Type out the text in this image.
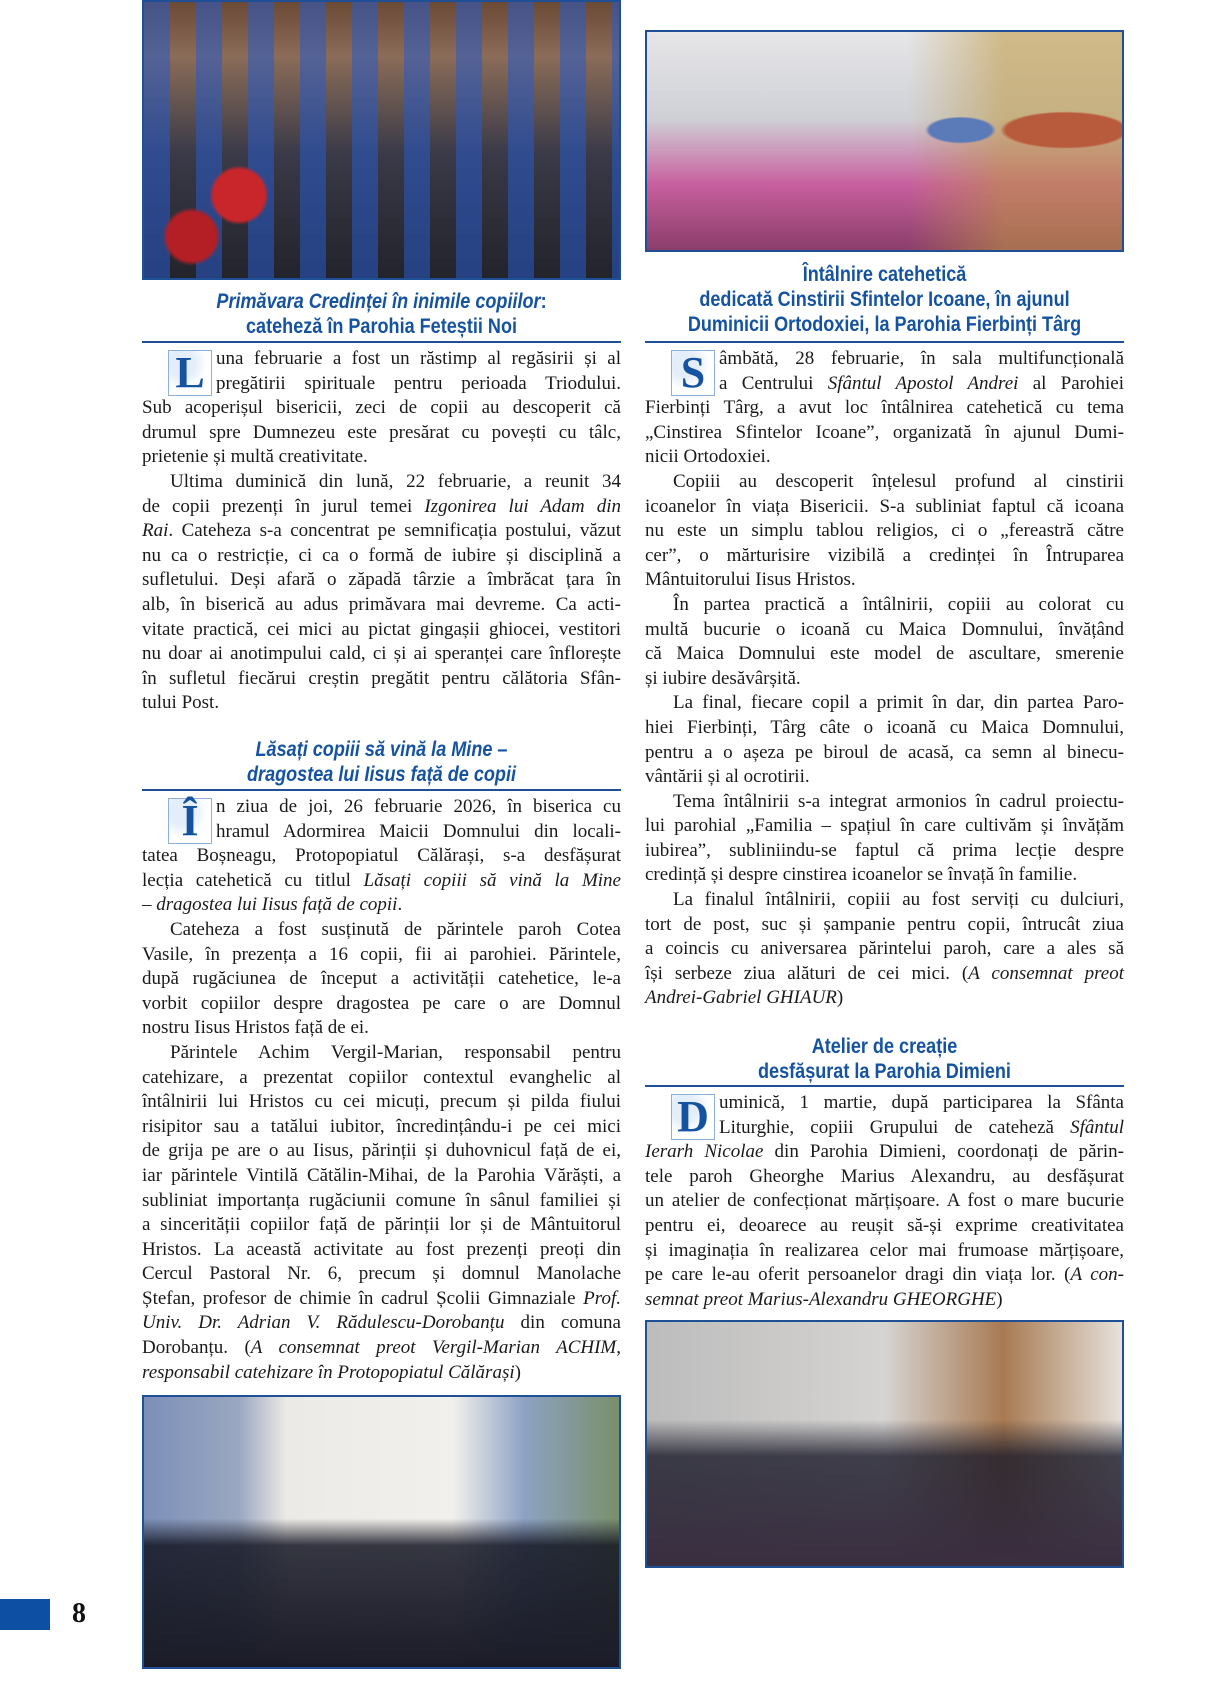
Primăvara Credinței în inimile copiilor:
cateheză în Parohia Feteștii Noi
L una februarie a fost un răstimp al regăsirii și al
pregătirii spirituale pentru perioada Triodului.
Sub acoperișul bisericii, zeci de copii au descoperit că
drumul spre Dumnezeu este presărat cu povești cu tâlc,
prietenie și multă creativitate.
Ultima duminică din lună, 22 februarie, a reunit 34
de copii prezenți în jurul temei Izgonirea lui Adam din
Rai. Cateheza s-a concentrat pe semnificația postului, văzut
nu ca o restricție, ci ca o formă de iubire și disciplină a
sufletului. Deși afară o zăpadă târzie a îmbrăcat țara în
alb, în biserică au adus primăvara mai devreme. Ca acti-
vitate practică, cei mici au pictat gingașii ghiocei, vestitori
nu doar ai anotimpului cald, ci și ai speranței care înflorește
în sufletul fiecărui creștin pregătit pentru călătoria Sfân-
tului Post.
Lăsați copiii să vină la Mine –
dragostea lui Iisus față de copii
Î n ziua de joi, 26 februarie 2026, în biserica cu
hramul Adormirea Maicii Domnului din locali-
tatea Boșneagu, Protopopiatul Călărași, s-a desfășurat
lecția catehetică cu titlul Lăsați copiii să vină la Mine
– dragostea lui Iisus față de copii.
Cateheza a fost susținută de părintele paroh Cotea
Vasile, în prezența a 16 copii, fii ai parohiei. Părintele,
după rugăciunea de început a activității catehetice, le-a
vorbit copiilor despre dragostea pe care o are Domnul
nostru Iisus Hristos față de ei.
Părintele Achim Vergil-Marian, responsabil pentru
catehizare, a prezentat copiilor contextul evanghelic al
întâlnirii lui Hristos cu cei micuți, precum și pilda fiului
risipitor sau a tatălui iubitor, încredințându-i pe cei mici
de grija pe are o au Iisus, părinții și duhovnicul față de ei,
iar părintele Vintilă Cătălin-Mihai, de la Parohia Vărăști, a
subliniat importanța rugăciunii comune în sânul familiei și
a sincerității copiilor față de părinții lor și de Mântuitorul
Hristos. La această activitate au fost prezenți preoți din
Cercul Pastoral Nr. 6, precum și domnul Manolache
Ștefan, profesor de chimie în cadrul Școlii Gimnaziale Prof.
Univ. Dr. Adrian V. Rădulescu-Dorobanțu din comuna
Dorobanțu. (A consemnat preot Vergil-Marian ACHIM,
responsabil catehizare în Protopopiatul Călărași)
Întâlnire catehetică
dedicată Cinstirii Sfintelor Icoane, în ajunul
Duminicii Ortodoxiei, la Parohia Fierbinți Târg
S âmbătă, 28 februarie, în sala multifuncțională
a Centrului Sfântul Apostol Andrei al Parohiei
Fierbinți Târg, a avut loc întâlnirea catehetică cu tema
„Cinstirea Sfintelor Icoane”, organizată în ajunul Dumi-
nicii Ortodoxiei.
Copiii au descoperit înțelesul profund al cinstirii
icoanelor în viața Bisericii. S-a subliniat faptul că icoana
nu este un simplu tablou religios, ci o „fereastră către
cer”, o mărturisire vizibilă a credinței în Întruparea
Mântuitorului Iisus Hristos.
În partea practică a întâlnirii, copiii au colorat cu
multă bucurie o icoană cu Maica Domnului, învățând
că Maica Domnului este model de ascultare, smerenie
și iubire desăvârșită.
La final, fiecare copil a primit în dar, din partea Paro-
hiei Fierbinți, Târg câte o icoană cu Maica Domnului,
pentru a o așeza pe biroul de acasă, ca semn al binecu-
vântării și al ocrotirii.
Tema întâlnirii s-a integrat armonios în cadrul proiectu-
lui parohial „Familia – spațiul în care cultivăm și învățăm
iubirea”, subliniindu-se faptul că prima lecție despre
credință și despre cinstirea icoanelor se învață în familie.
La finalul întâlnirii, copiii au fost serviți cu dulciuri,
tort de post, suc și șampanie pentru copii, întrucât ziua
a coincis cu aniversarea părintelui paroh, care a ales să
își serbeze ziua alături de cei mici. (A consemnat preot
Andrei-Gabriel GHIAUR)
Atelier de creație
desfășurat la Parohia Dimieni
D uminică, 1 martie, după participarea la Sfânta
Liturghie, copiii Grupului de cateheză Sfântul
Ierarh Nicolae din Parohia Dimieni, coordonați de părin-
tele paroh Gheorghe Marius Alexandru, au desfășurat
un atelier de confecționat mărțișoare. A fost o mare bucurie
pentru ei, deoarece au reușit să-și exprime creativitatea
și imaginația în realizarea celor mai frumoase mărțișoare,
pe care le-au oferit persoanelor dragi din viața lor. (A con-
semnat preot Marius-Alexandru GHEORGHE)
8
